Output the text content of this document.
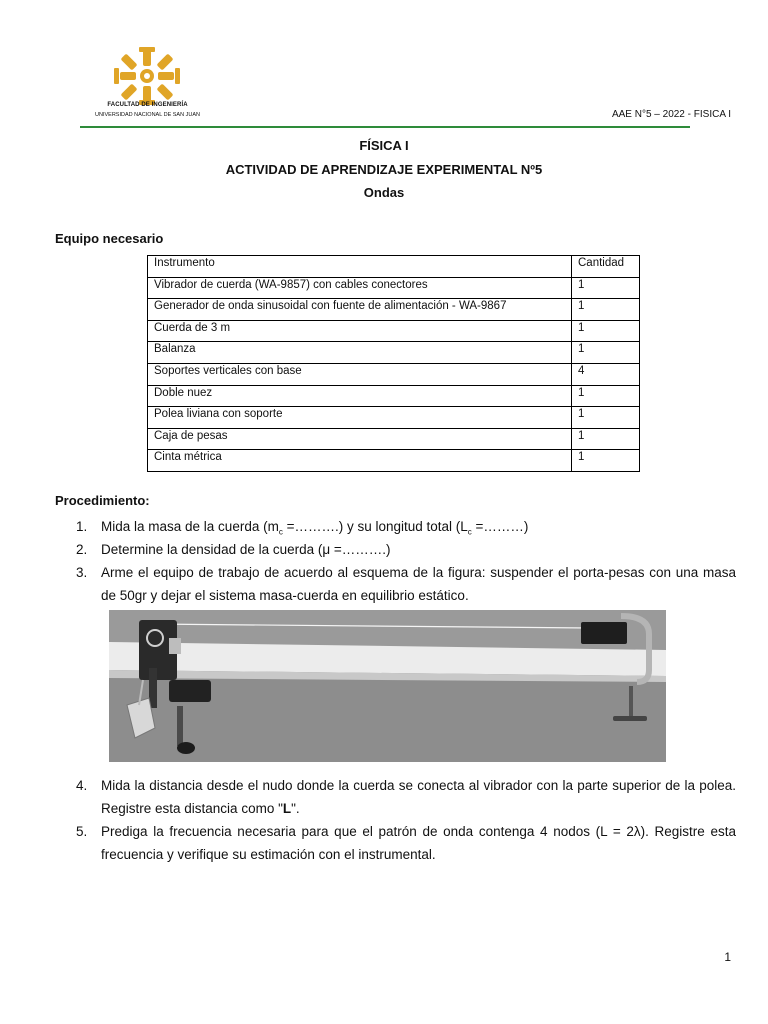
FACULTAD DE INGENIERÍA
UNIVERSIDAD NACIONAL DE SAN JUAN	AAE N°5 – 2022 - FISICA I
FÍSICA I
ACTIVIDAD DE APRENDIZAJE EXPERIMENTAL Nº5
Ondas
Equipo necesario
Instrumento	Cantidad
Vibrador de cuerda (WA-9857) con cables conectores	1
Generador de onda sinusoidal con fuente de alimentación - WA-9867	1
Cuerda de 3 m	1
Balanza	1
Soportes verticales con base	4
Doble nuez	1
Polea liviana con soporte	1
Caja de pesas	1
Cinta métrica	1
Procedimiento:
1. Mida la masa de la cuerda ($m_c$ =……….) y su longitud total ($L_c$ =………)
2. Determine la densidad de la cuerda (μ =……….)
3. Arme el equipo de trabajo de acuerdo al esquema de la figura: suspender el porta-pesas con una masa de 50gr y dejar el sistema masa-cuerda en equilibrio estático.
4. Mida la distancia desde el nudo donde la cuerda se conecta al vibrador con la parte superior de la polea. Registre esta distancia como "L".
5. Prediga la frecuencia necesaria para que el patrón de onda contenga 4 nodos (L = 2λ). Registre esta frecuencia y verifique su estimación con el instrumental.
1
